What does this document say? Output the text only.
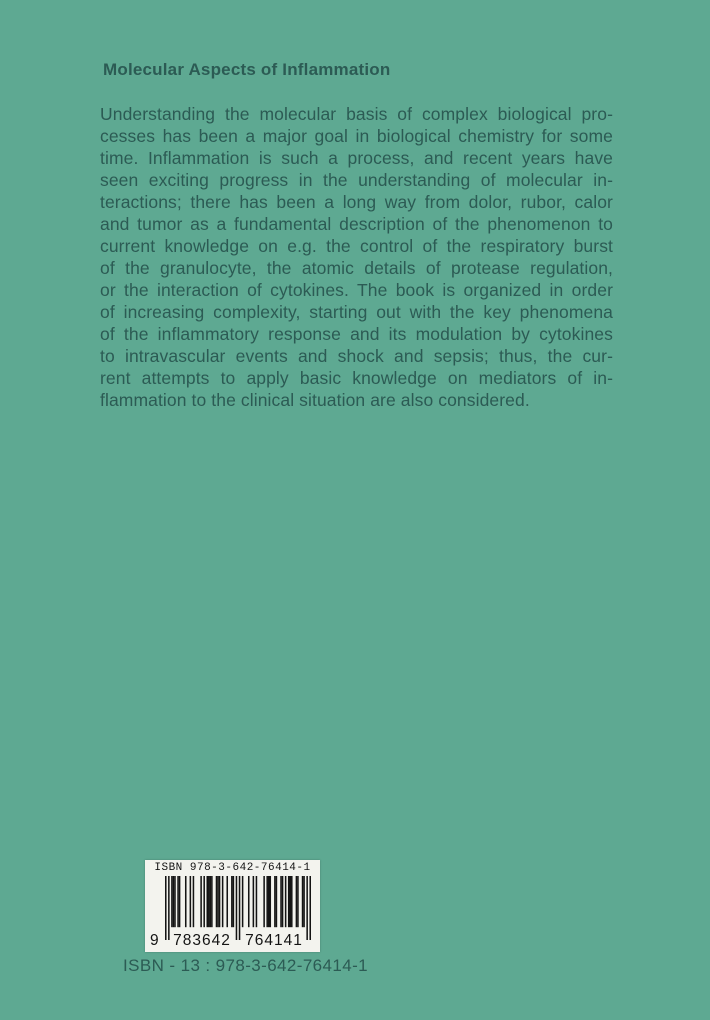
Molecular Aspects of Inflammation
Understanding the molecular basis of complex biological pro-
cesses has been a major goal in biological chemistry for some
time. Inflammation is such a process, and recent years have
seen exciting progress in the understanding of molecular in-
teractions; there has been a long way from dolor, rubor, calor
and tumor as a fundamental description of the phenomenon to
current knowledge on e.g. the control of the respiratory burst
of the granulocyte, the atomic details of protease regulation,
or the interaction of cytokines. The book is organized in order
of increasing complexity, starting out with the key phenomena
of the inflammatory response and its modulation by cytokines
to intravascular events and shock and sepsis; thus, the cur-
rent attempts to apply basic knowledge on mediators of in-
flammation to the clinical situation are also considered.
ISBN 978-3-642-76414-1
9 783642 764141
ISBN - 13 : 978-3-642-76414-1
